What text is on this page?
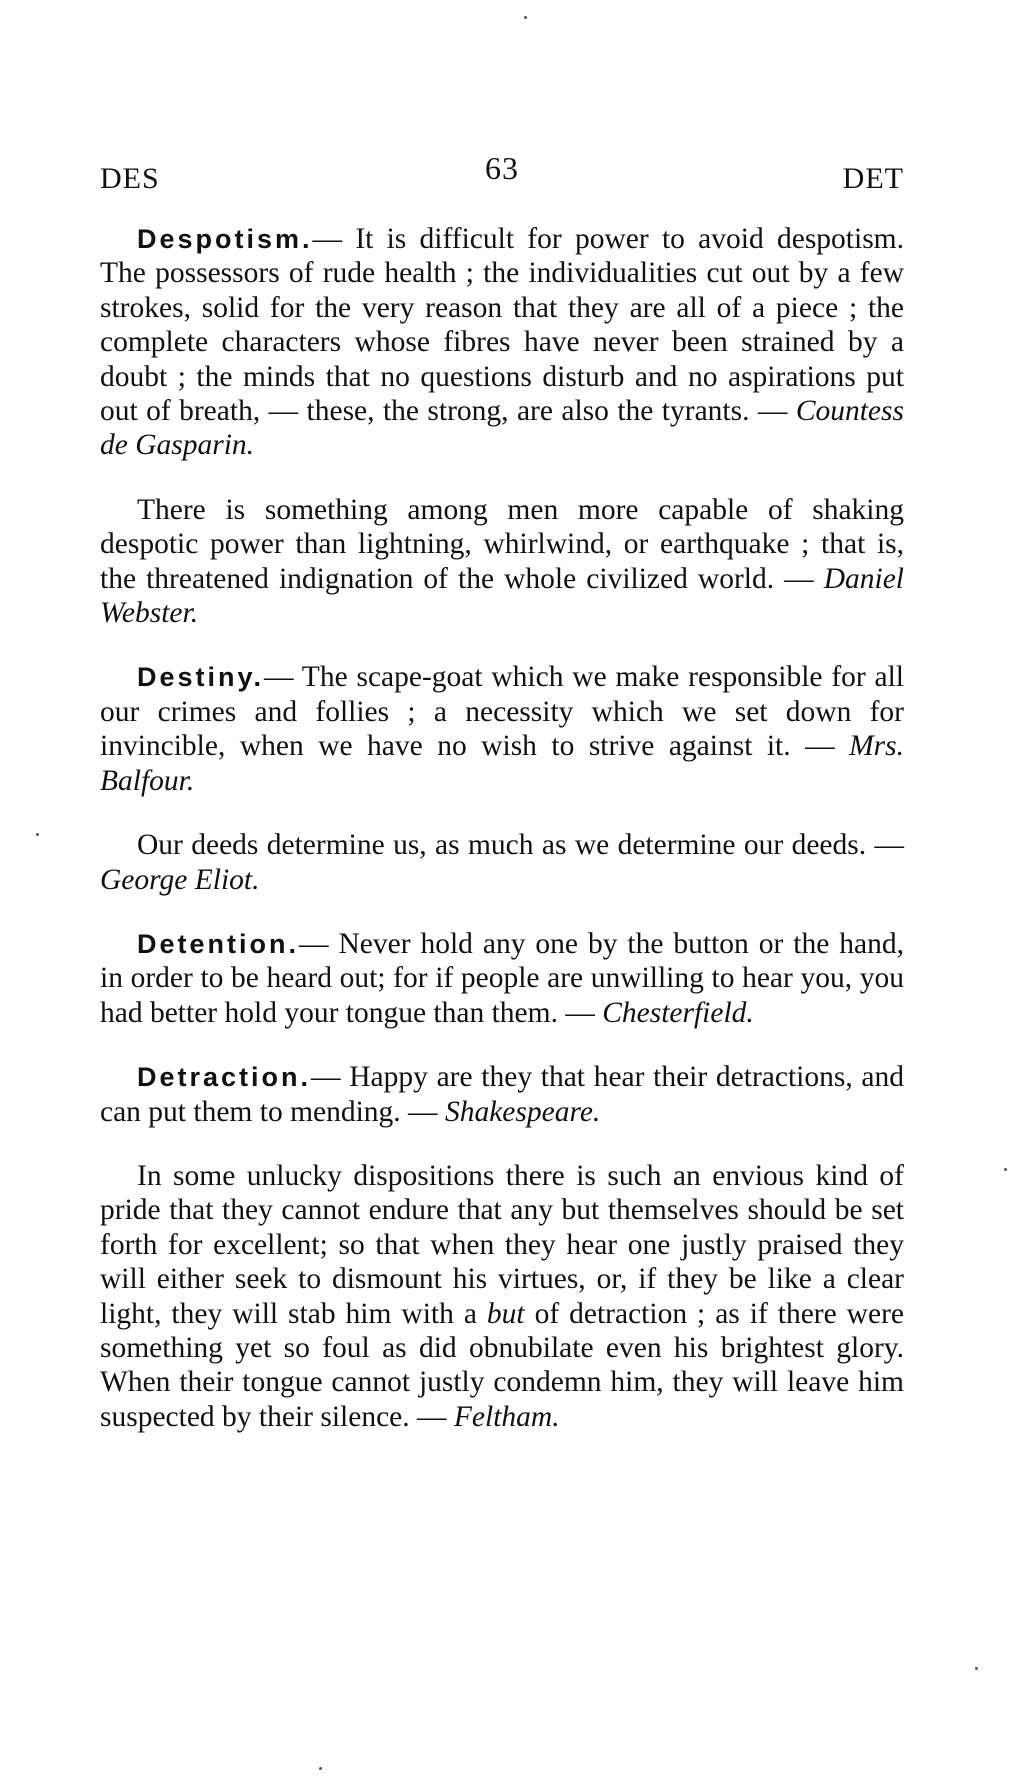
DES	63	DET

Despotism.— It is difficult for power to avoid despotism. The possessors of rude health ; the individualities cut out by a few strokes, solid for the very reason that they are all of a piece ; the complete characters whose fibres have never been strained by a doubt ; the minds that no questions disturb and no aspirations put out of breath, — these, the strong, are also the tyrants. — Countess de Gasparin.

There is something among men more capable of shaking despotic power than lightning, whirlwind, or earthquake ; that is, the threatened indignation of the whole civilized world. — Daniel Webster.

Destiny.— The scape-goat which we make responsible for all our crimes and follies ; a necessity which we set down for invincible, when we have no wish to strive against it. — Mrs. Balfour.

Our deeds determine us, as much as we determine our deeds. — George Eliot.

Detention.— Never hold any one by the button or the hand, in order to be heard out; for if people are unwilling to hear you, you had better hold your tongue than them. — Chesterfield.

Detraction.— Happy are they that hear their detractions, and can put them to mending. — Shakespeare.

In some unlucky dispositions there is such an envious kind of pride that they cannot endure that any but themselves should be set forth for excellent; so that when they hear one justly praised they will either seek to dismount his virtues, or, if they be like a clear light, they will stab him with a but of detraction ; as if there were something yet so foul as did obnubilate even his brightest glory. When their tongue cannot justly condemn him, they will leave him suspected by their silence. — Feltham.
